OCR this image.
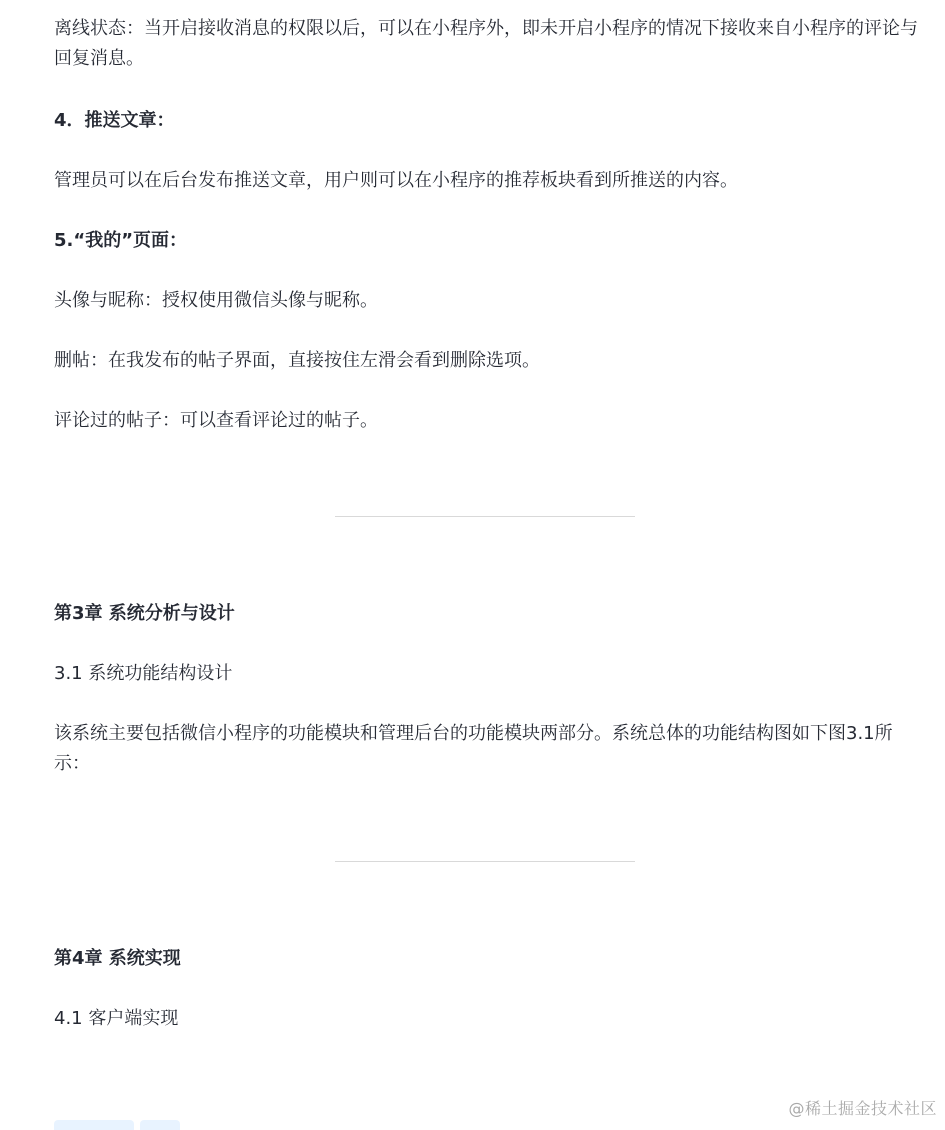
离线状态：当开启接收消息的权限以后，可以在小程序外，即未开启小程序的情况下接收来自小程序的评论与回复消息。
4．推送文章：
管理员可以在后台发布推送文章，用户则可以在小程序的推荐板块看到所推送的内容。
5.“我的”页面：
头像与昵称：授权使用微信头像与昵称。
删帖：在我发布的帖子界面，直接按住左滑会看到删除选项。
评论过的帖子：可以查看评论过的帖子。
第3章 系统分析与设计
3.1 系统功能结构设计
该系统主要包括微信小程序的功能模块和管理后台的功能模块两部分。系统总体的功能结构图如下图3.1所示：
第4章 系统实现
4.1 客户端实现
@稀土掘金技术社区
